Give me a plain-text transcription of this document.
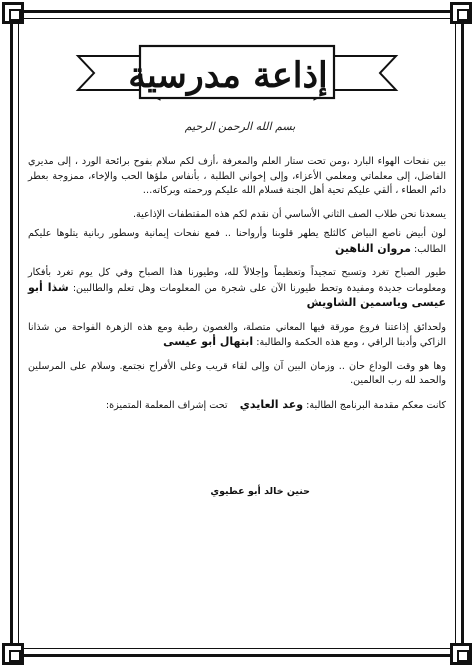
إذاعة مدرسية
بسم الله الرحمن الرحيم

بين نفحات الهواء البارد ،ومن تحت ستار العلم والمعرفة ،أزف لكم سلام بفوح برائحة الورد ، إلى مديري الفاضل، إلى معلماتي ومعلمي الأعزاء، وإلى إخواني الطلبة ، بأنفاس ملؤها الحب والإخاء، ممزوجة بعطر دائم العطاء ، ألقي عليكم تحية أهل الجنة فسلام الله عليكم ورحمته وبركاته…

يسعدنا نحن طلاب الصف الثاني الأساسي أن نقدم لكم هذه المقتطفات الإذاعية.

لون أبيض ناصع البياض كالثلج يطهر قلوبنا وأرواحنا .. فمع نفحات إيمانية وسطور ربانية يتلوها عليكم الطالب: مروان الناهين

طيور الصباح تغرد وتسبح تمجيداً وتعظيماً وإجلالاً لله، وطيورنا هذا الصباح وفي كل يوم تغرد بأفكار ومعلومات جديدة ومفيدة وتحط طيورنا الآن على شجرة من المعلومات وهل تعلم والطالبين: شذا أبو عيسى وياسمين الشاويش

ولحدائق إذاعتنا فروع مورقة فيها المعاني متصلة، والغصون رطبة ومع هذه الزهرة الفواحة من شذانا الزاكي وأدبنا الراقي ، ومع هذه الحكمة والطالبة: ابتهال أبو عيسى

وها هو وقت الوداع حان .. وزمان البين آن وإلى لقاء قريب وعلى الأفراح نجتمع. وسلام على المرسلين والحمد لله رب العالمين.

كانت معكم مقدمة البرنامج الطالبة: وعد العايدي    تحت إشراف المعلمة المتميزة:

حنين خالد أبو عطيوي
